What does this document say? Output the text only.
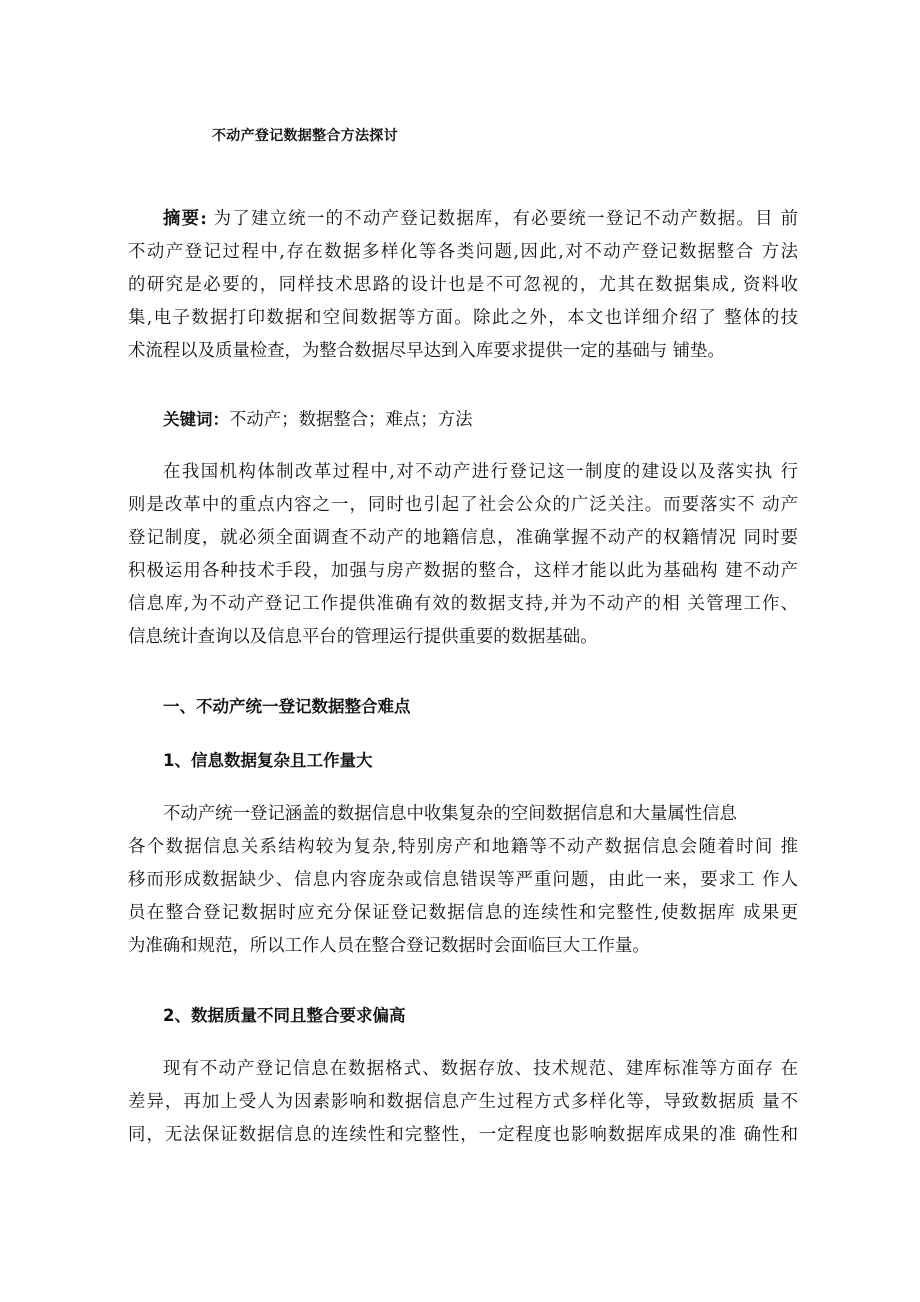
不动产登记数据整合方法探讨
摘要: 为了建立统一的不动产登记数据库，有必要统一登记不动产数据。目 前
不动产登记过程中,存在数据多样化等各类问题,因此,对不动产登记数据整合 方法
的研究是必要的，同样技术思路的设计也是不可忽视的，尤其在数据集成, 资料收
集,电子数据打印数据和空间数据等方面。除此之外，本文也详细介绍了 整体的技
术流程以及质量检查，为整合数据尽早达到入库要求提供一定的基础与 铺垫。
关键词：不动产；数据整合；难点；方法
在我国机构体制改革过程中,对不动产进行登记这一制度的建设以及落实执 行
则是改革中的重点内容之一，同时也引起了社会公众的广泛关注。而要落实不 动产
登记制度，就必须全面调查不动产的地籍信息，准确掌握不动产的权籍情况 同时要
积极运用各种技术手段，加强与房产数据的整合，这样才能以此为基础构 建不动产
信息库,为不动产登记工作提供准确有效的数据支持,并为不动产的相 关管理工作、
信息统计查询以及信息平台的管理运行提供重要的数据基础。
一、不动产统一登记数据整合难点
1、信息数据复杂且工作量大
不动产统一登记涵盖的数据信息中收集复杂的空间数据信息和大量属性信息
各个数据信息关系结构较为复杂,特别房产和地籍等不动产数据信息会随着时间 推
移而形成数据缺少、信息内容庞杂或信息错误等严重问题，由此一来，要求工 作人
员在整合登记数据时应充分保证登记数据信息的连续性和完整性,使数据库 成果更
为准确和规范，所以工作人员在整合登记数据时会面临巨大工作量。
2、数据质量不同且整合要求偏高
现有不动产登记信息在数据格式、数据存放、技术规范、建库标准等方面存 在
差异，再加上受人为因素影响和数据信息产生过程方式多样化等，导致数据质 量不
同，无法保证数据信息的连续性和完整性，一定程度也影响数据库成果的准 确性和
